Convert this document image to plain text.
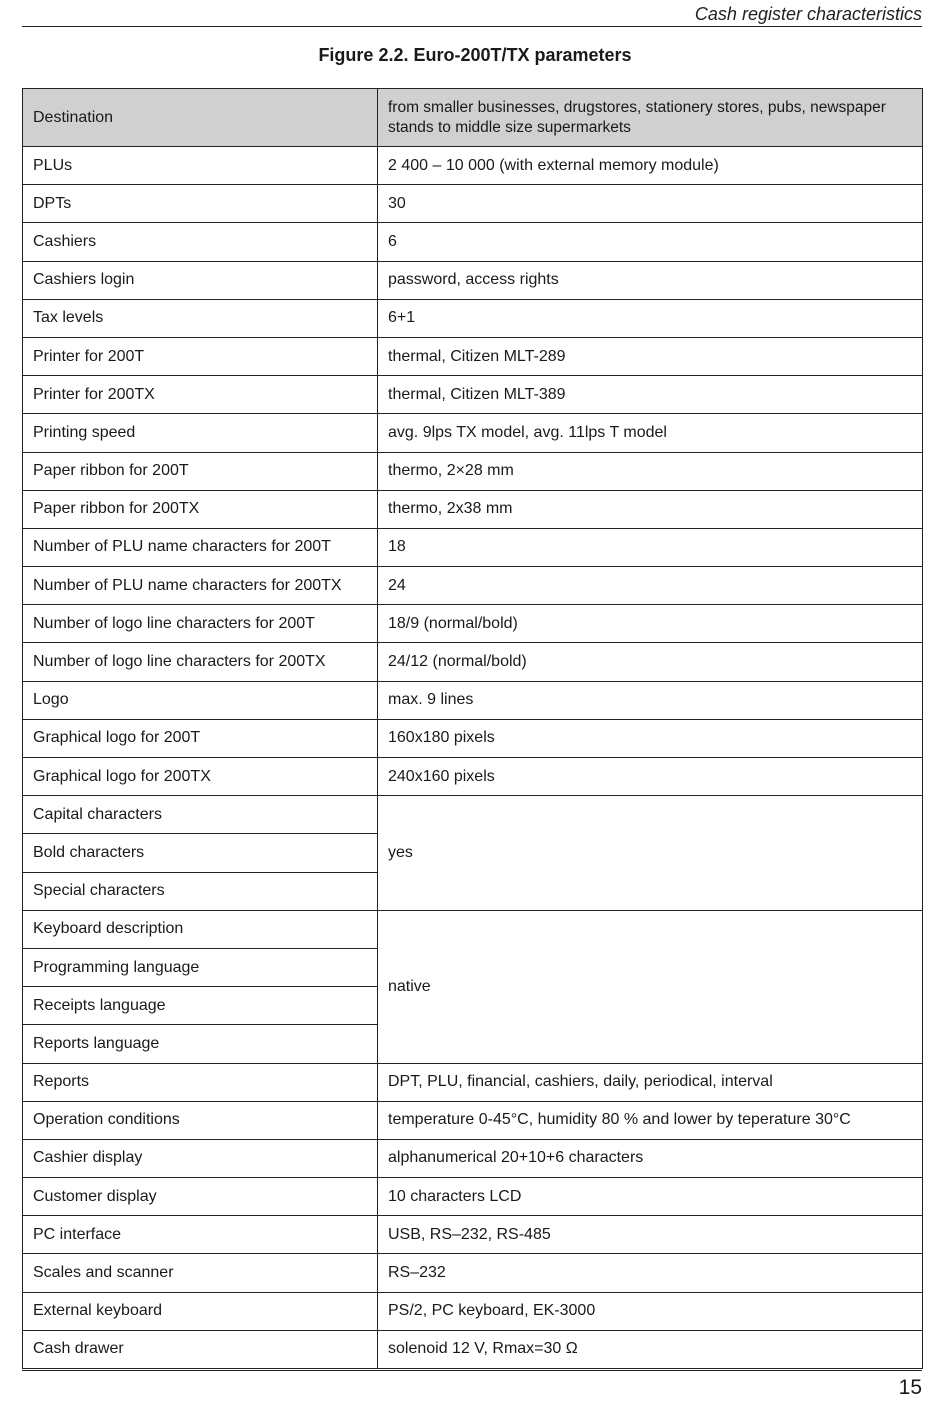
Cash register characteristics
Figure 2.2. Euro-200T/TX parameters
Destination	from smaller businesses, drugstores, stationery stores, pubs, newspaper stands to middle size supermarkets
PLUs	2 400 – 10 000 (with external memory module)
DPTs	30
Cashiers	6
Cashiers login	password, access rights
Tax levels	6+1
Printer for 200T	thermal, Citizen MLT-289
Printer for 200TX	thermal, Citizen MLT-389
Printing speed	avg. 9lps TX model, avg. 11lps T model
Paper ribbon for 200T	thermo, 2×28 mm
Paper ribbon for 200TX	thermo, 2x38 mm
Number of PLU name characters for 200T	18
Number of PLU name characters for 200TX	24
Number of logo line characters for 200T	18/9 (normal/bold)
Number of logo line characters for 200TX	24/12 (normal/bold)
Logo	max. 9 lines
Graphical logo for 200T	160x180 pixels
Graphical logo for 200TX	240x160 pixels
Capital characters	yes
Bold characters	
Special characters	
Keyboard description	native
Programming language	
Receipts language	
Reports language	
Reports	DPT, PLU, financial, cashiers, daily, periodical, interval
Operation conditions	temperature 0-45°C, humidity 80 % and lower by teperature 30°C
Cashier display	alphanumerical 20+10+6 characters
Customer display	10 characters LCD
PC interface	USB, RS–232, RS-485
Scales and scanner	RS–232
External keyboard	PS/2, PC keyboard, EK-3000
Cash drawer	solenoid 12 V, Rmax=30 Ω
15
